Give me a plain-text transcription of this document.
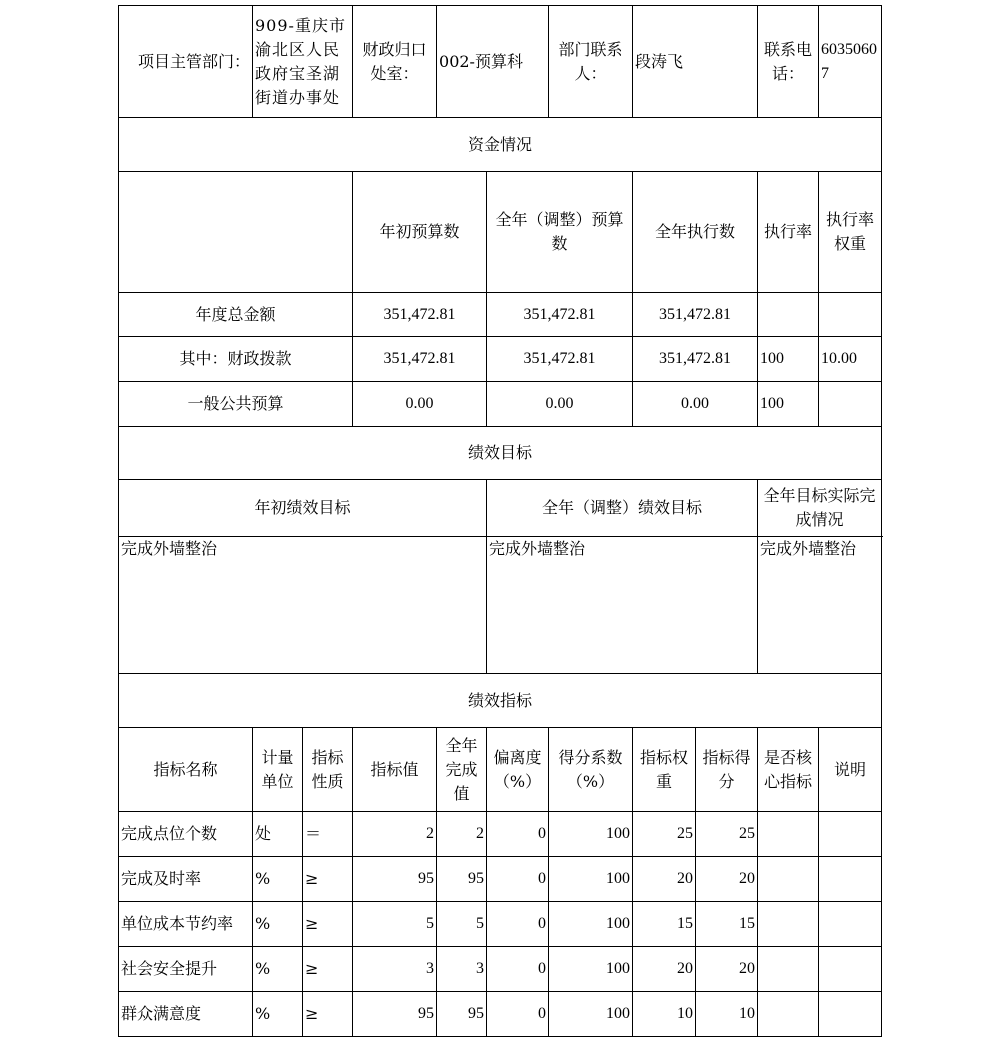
项目主管部门：	909-重庆市渝北区人民政府宝圣湖街道办事处		财政归口处室：	002-预算科		部门联系人：	段涛飞		联系电话：	60350607	
资金情况											
			年初预算数		全年（调整）预算数		全年执行数		执行率	执行率权重	
年度总金额			351,472.81		351,472.81		351,472.81				
其中：财政拨款			351,472.81		351,472.81		351,472.81		100	10.00	
一般公共预算			0.00		0.00		0.00		100		
绩效目标											
年初绩效目标					全年（调整）绩效目标				全年目标实际完成情况		
完成外墙整治					完成外墙整治				完成外墙整治		
绩效指标											
指标名称	计量单位	指标性质	指标值	全年完成值	偏离度（%）	得分系数（%）	指标权重	指标得分	是否核心指标	说明	
完成点位个数	处	＝	2	2	0	100	25	25			
完成及时率	%	≥	95	95	0	100	20	20			
单位成本节约率	%	≥	5	5	0	100	15	15			
社会安全提升	%	≥	3	3	0	100	20	20			
群众满意度	%	≥	95	95	0	100	10	10			
